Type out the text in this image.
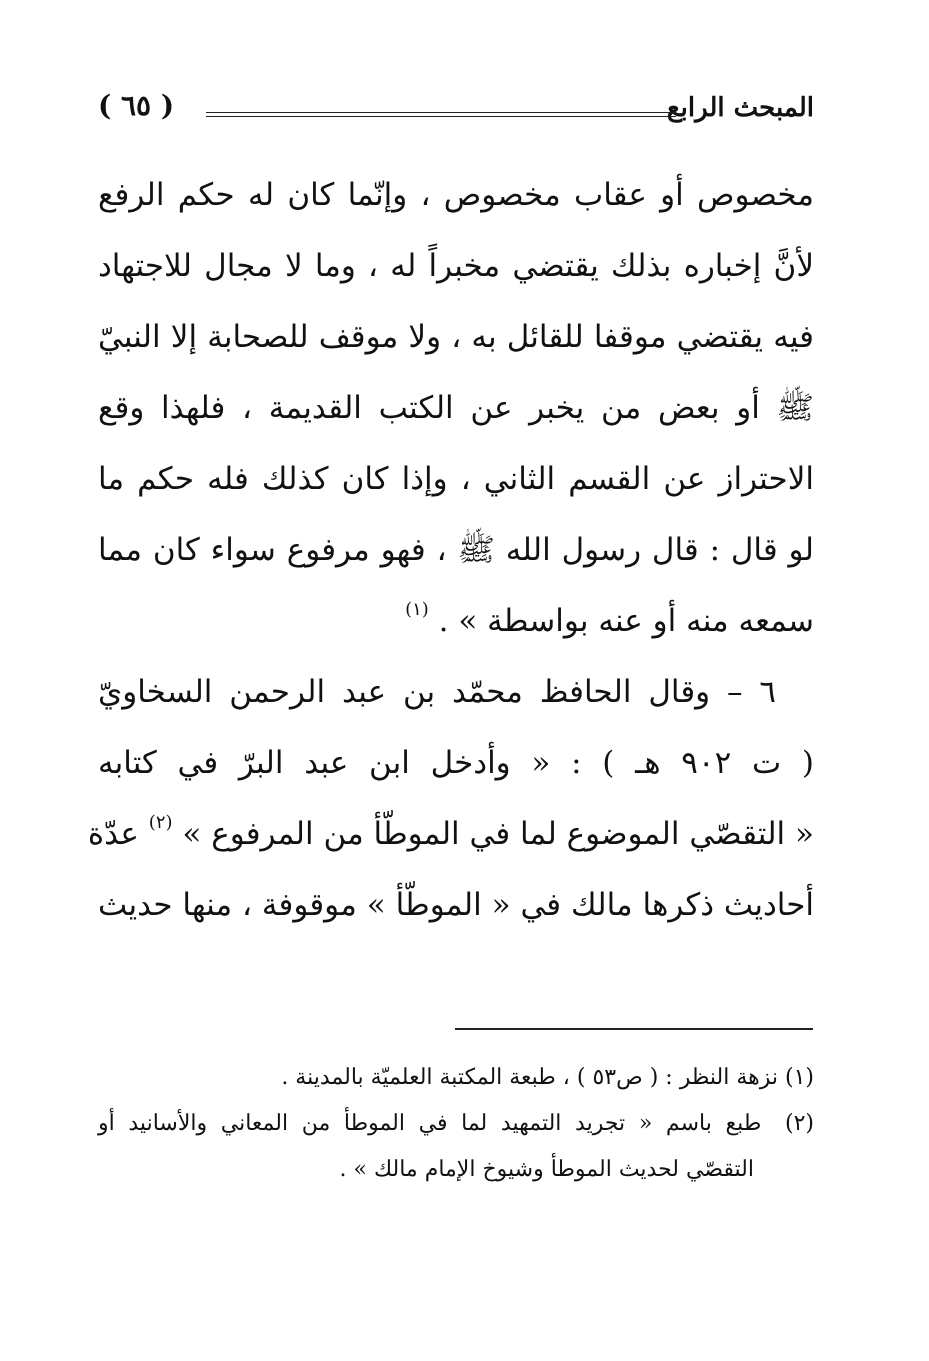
المبحث الرابع
( ٦٥ )
مخصوص أو عقاب مخصوص ، وإنّما كان له حكم الرفع
لأنَّ إخباره بذلك يقتضي مخبراً له ، وما لا مجال للاجتهاد
فيه يقتضي موقفا للقائل به ، ولا موقف للصحابة إلا النبيّ
ﷺ أو بعض من يخبر عن الكتب القديمة ، فلهذا وقع
الاحتراز عن القسم الثاني ، وإذا كان كذلك فله حكم ما
لو قال : قال رسول الله ﷺ ، فهو مرفوع سواء كان مما
سمعه منه أو عنه بواسطة » . $^{(١)}$
٦ – وقال الحافظ محمّد بن عبد الرحمن السخاويّ
( ت ٩٠٢ هـ ) : « وأدخل ابن عبد البرّ في كتابه
« التقصّي الموضوع لما في الموطّأ من المرفوع » $^{(٢)}$ عدّة
أحاديث ذكرها مالك في « الموطّأ » موقوفة ، منها حديث
(١) نزهة النظر : ( ص٥٣ ) ، طبعة المكتبة العلميّة بالمدينة .
(٢) طبع باسم « تجريد التمهيد لما في الموطأ من المعاني والأسانيد أو
التقصّي لحديث الموطأ وشيوخ الإمام مالك » .
